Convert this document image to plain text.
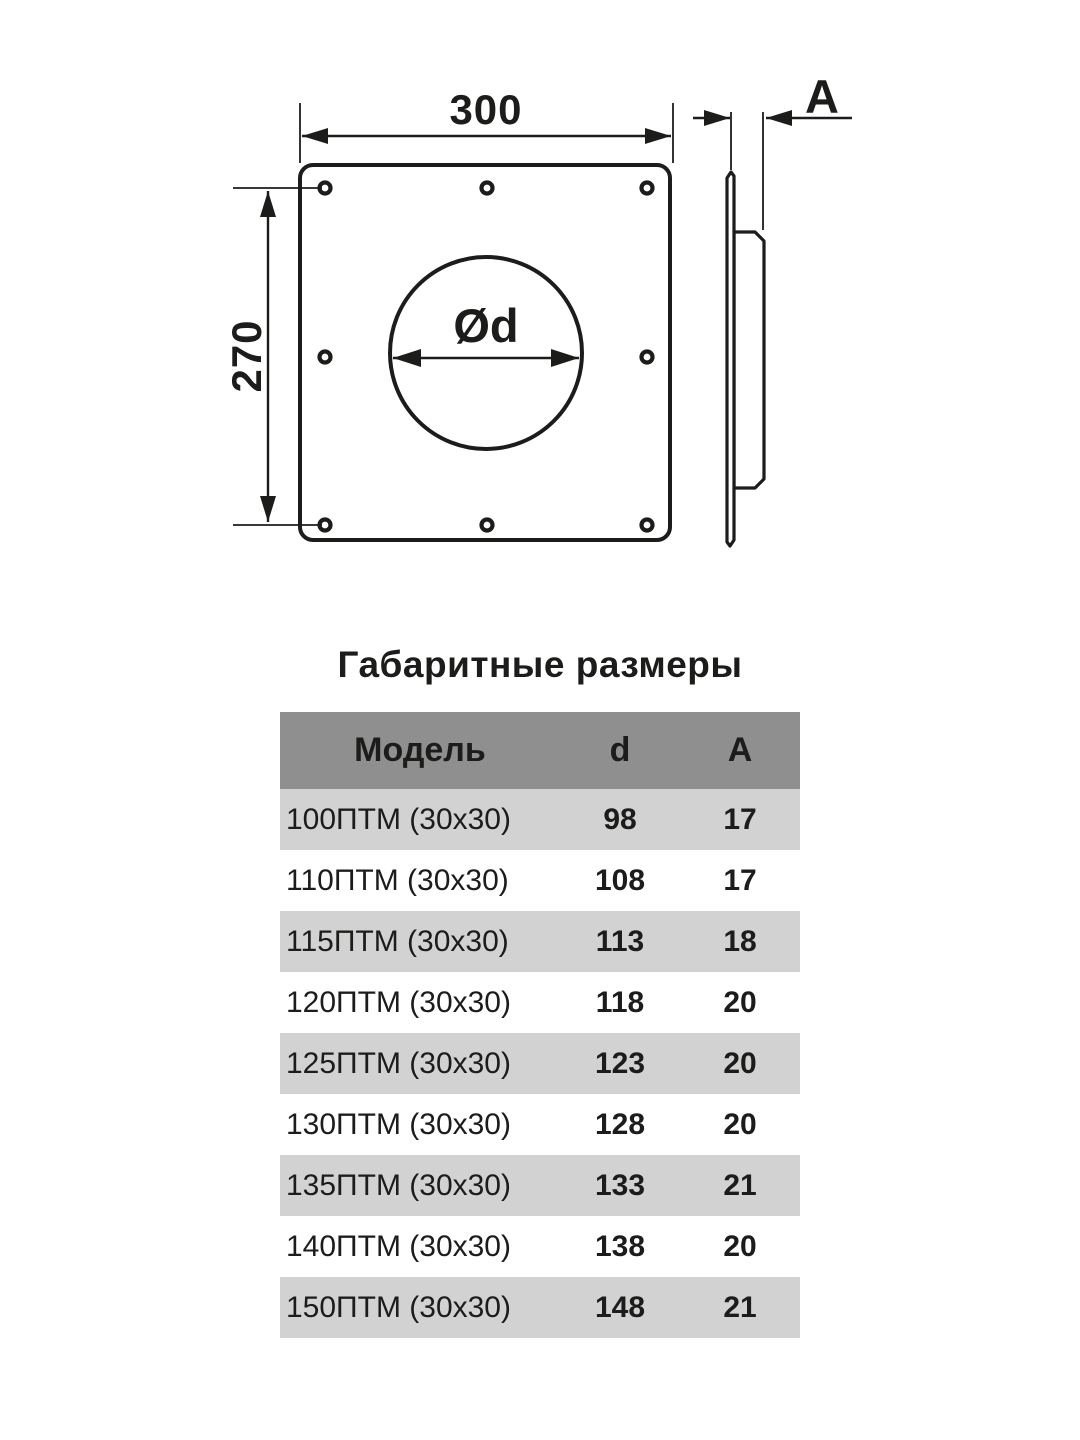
300
270	Ød
A
Габаритные размеры
Модель	d	A
100ПТМ (30х30)	98	17
110ПТМ (30х30)	108	17
115ПТМ (30х30)	113	18
120ПТМ (30х30)	118	20
125ПТМ (30х30)	123	20
130ПТМ (30х30)	128	20
135ПТМ (30х30)	133	21
140ПТМ (30х30)	138	20
150ПТМ (30х30)	148	21
